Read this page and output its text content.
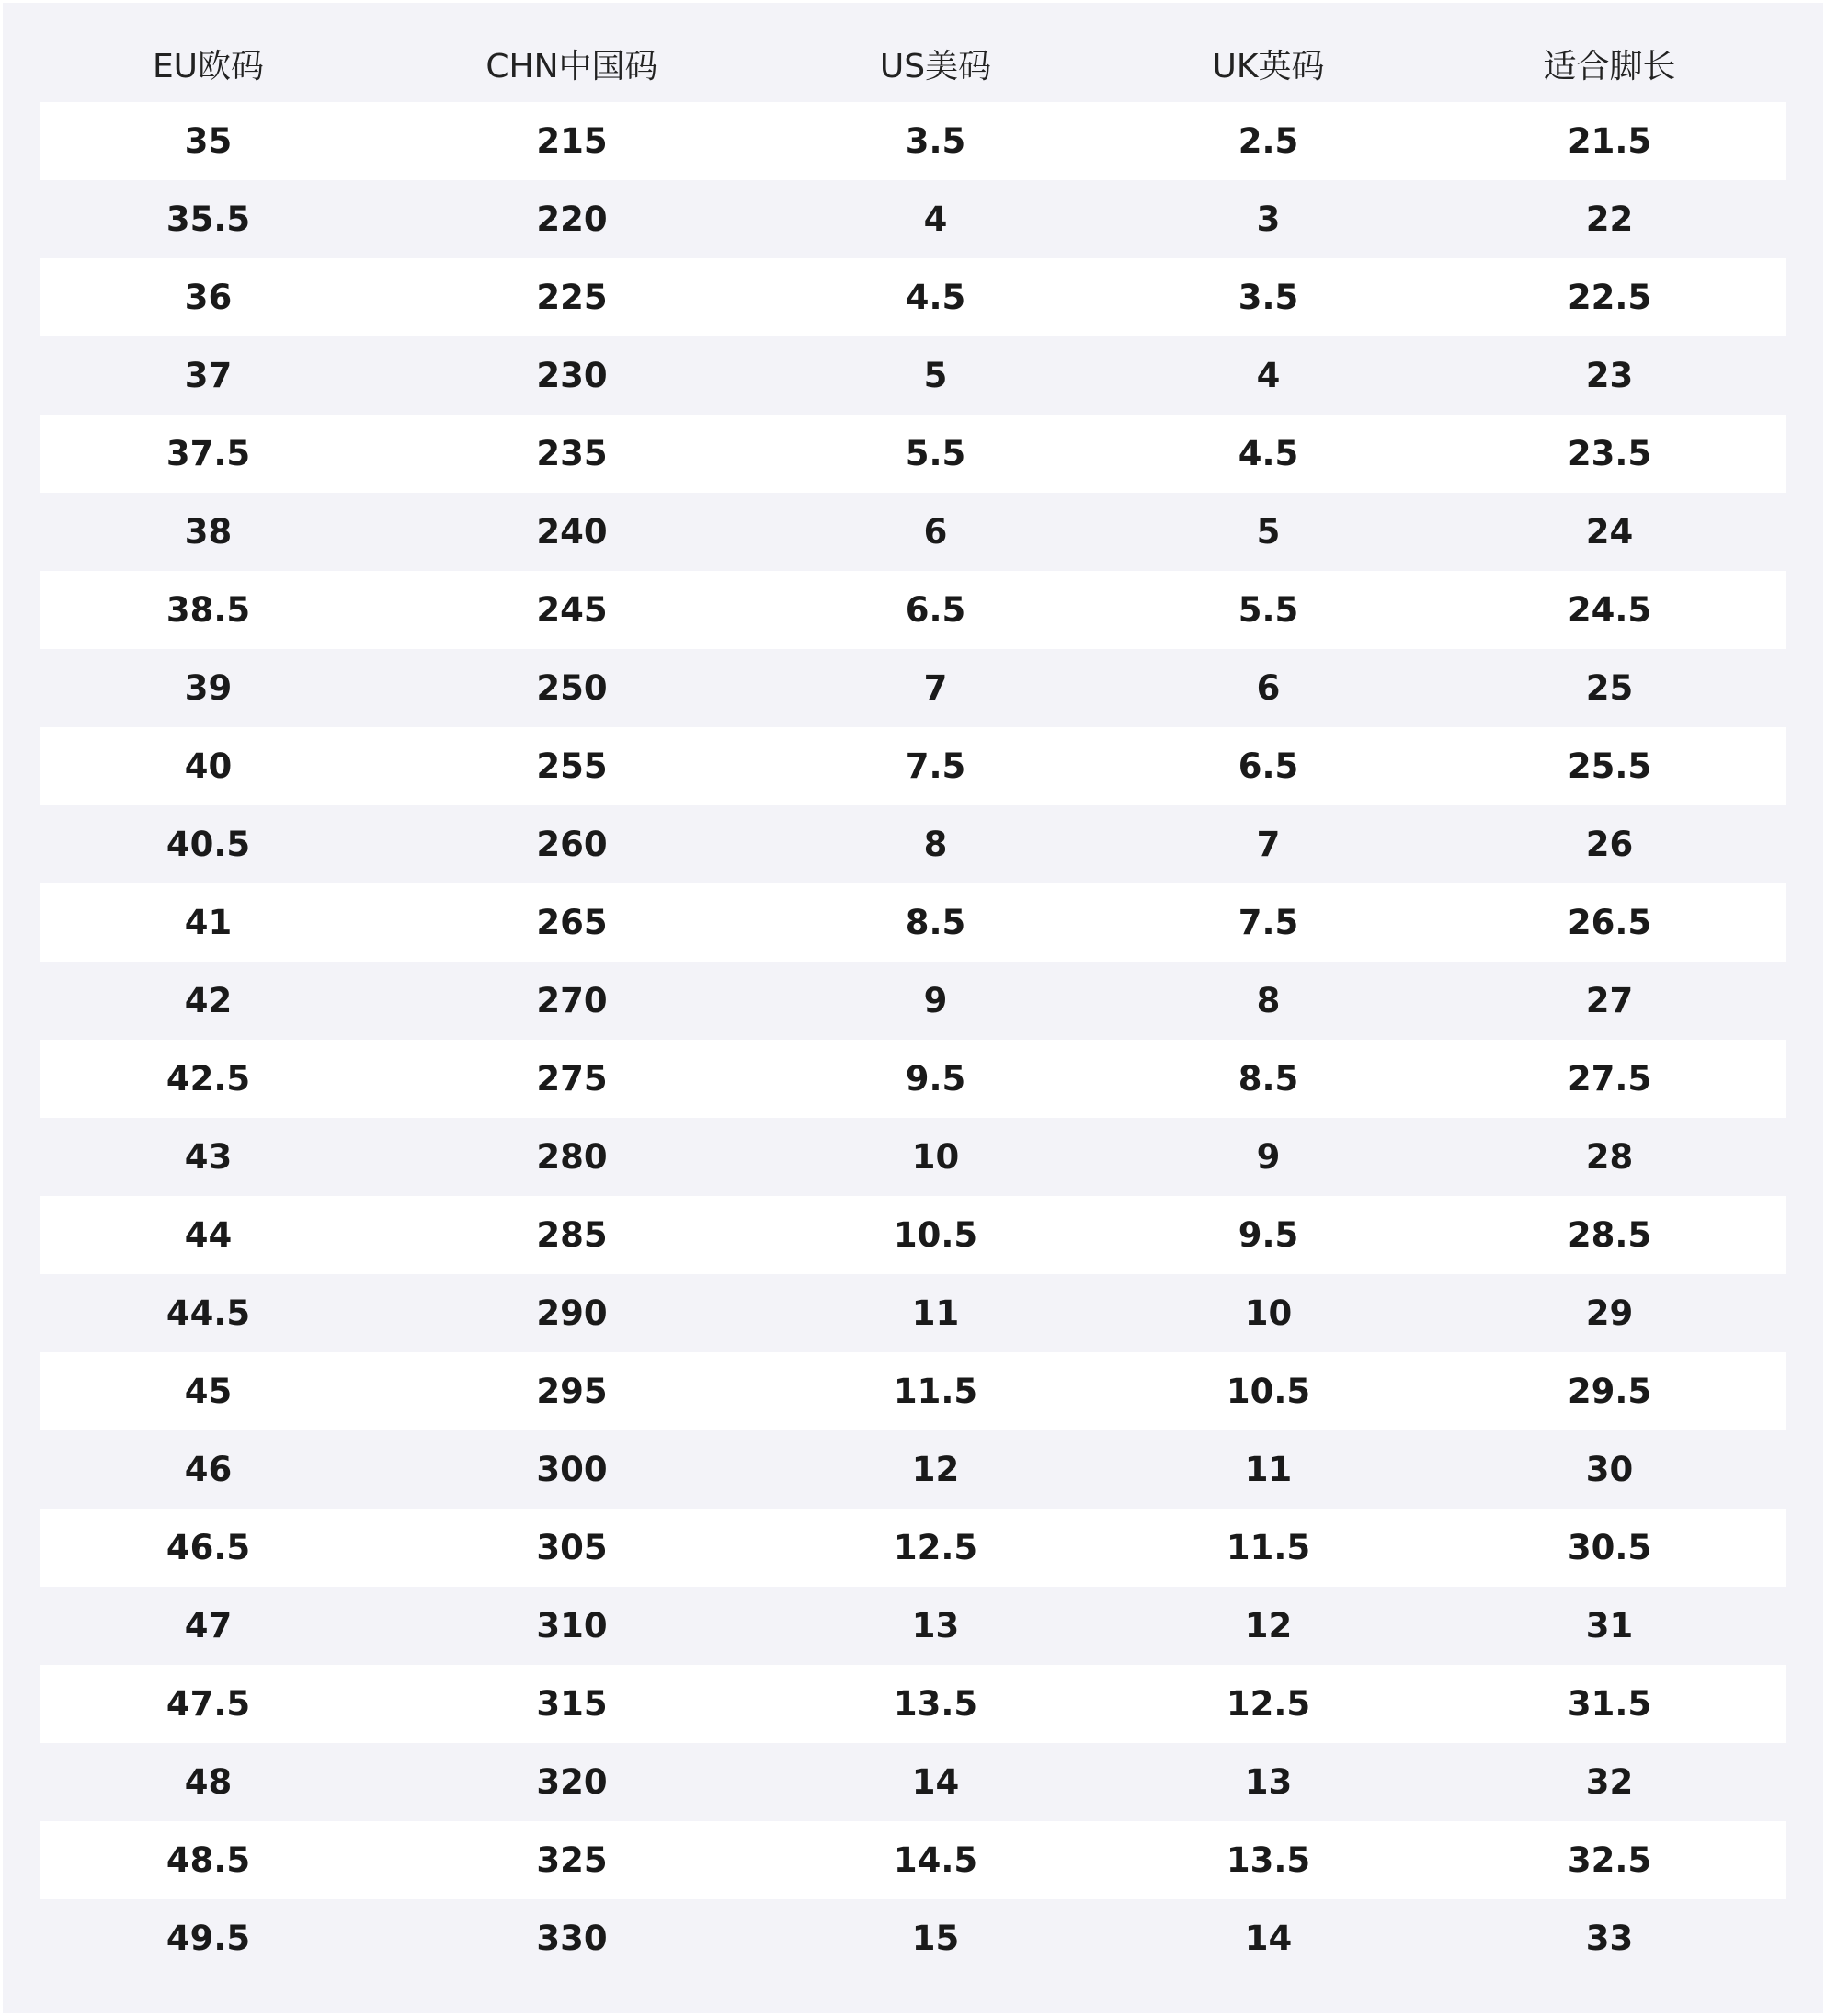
EU欧码	CHN中国码	US美码	UK英码	适合脚长
35	215	3.5	2.5	21.5
35.5	220	4	3	22
36	225	4.5	3.5	22.5
37	230	5	4	23
37.5	235	5.5	4.5	23.5
38	240	6	5	24
38.5	245	6.5	5.5	24.5
39	250	7	6	25
40	255	7.5	6.5	25.5
40.5	260	8	7	26
41	265	8.5	7.5	26.5
42	270	9	8	27
42.5	275	9.5	8.5	27.5
43	280	10	9	28
44	285	10.5	9.5	28.5
44.5	290	11	10	29
45	295	11.5	10.5	29.5
46	300	12	11	30
46.5	305	12.5	11.5	30.5
47	310	13	12	31
47.5	315	13.5	12.5	31.5
48	320	14	13	32
48.5	325	14.5	13.5	32.5
49.5	330	15	14	33
